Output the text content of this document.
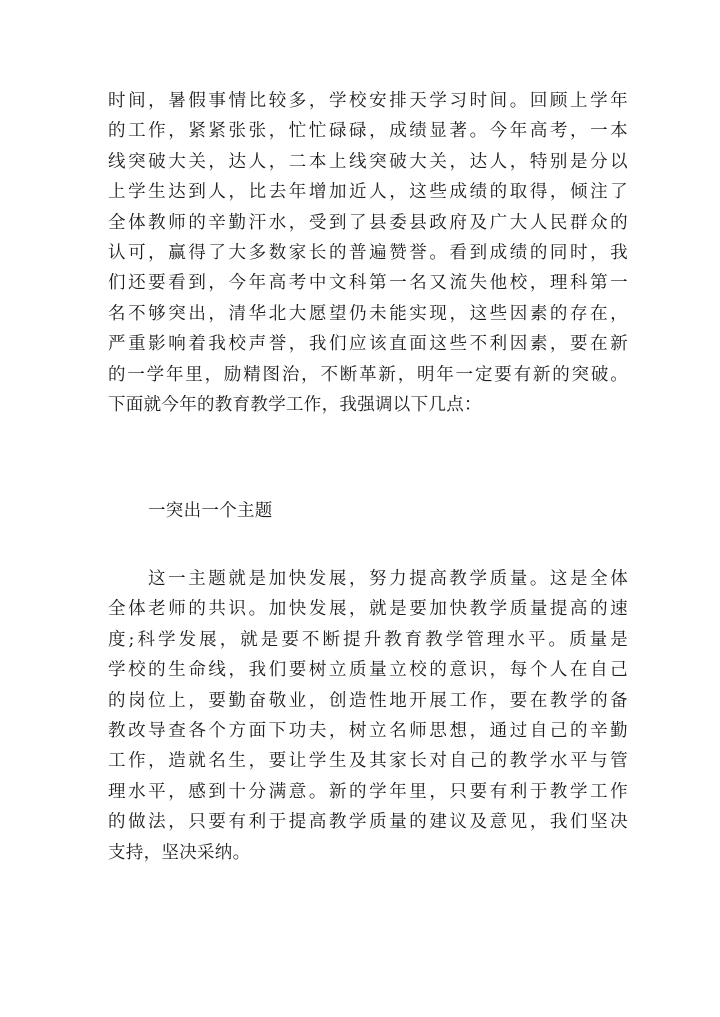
时间，暑假事情比较多，学校安排天学习时间。回顾上学年
的工作，紧紧张张，忙忙碌碌，成绩显著。今年高考，一本
线突破大关，达人，二本上线突破大关，达人，特别是分以
上学生达到人，比去年增加近人，这些成绩的取得，倾注了
全体教师的辛勤汗水，受到了县委县政府及广大人民群众的
认可，赢得了大多数家长的普遍赞誉。看到成绩的同时，我
们还要看到，今年高考中文科第一名又流失他校，理科第一
名不够突出，清华北大愿望仍未能实现，这些因素的存在，
严重影响着我校声誉，我们应该直面这些不利因素，要在新
的一学年里，励精图治，不断革新，明年一定要有新的突破。
下面就今年的教育教学工作，我强调以下几点：
一突出一个主题
这一主题就是加快发展，努力提高教学质量。这是全体
全体老师的共识。加快发展，就是要加快教学质量提高的速
度;科学发展，就是要不断提升教育教学管理水平。质量是
学校的生命线，我们要树立质量立校的意识，每个人在自己
的岗位上，要勤奋敬业，创造性地开展工作，要在教学的备
教改导查各个方面下功夫，树立名师思想，通过自己的辛勤
工作，造就名生，要让学生及其家长对自己的教学水平与管
理水平，感到十分满意。新的学年里，只要有利于教学工作
的做法，只要有利于提高教学质量的建议及意见，我们坚决
支持，坚决采纳。
